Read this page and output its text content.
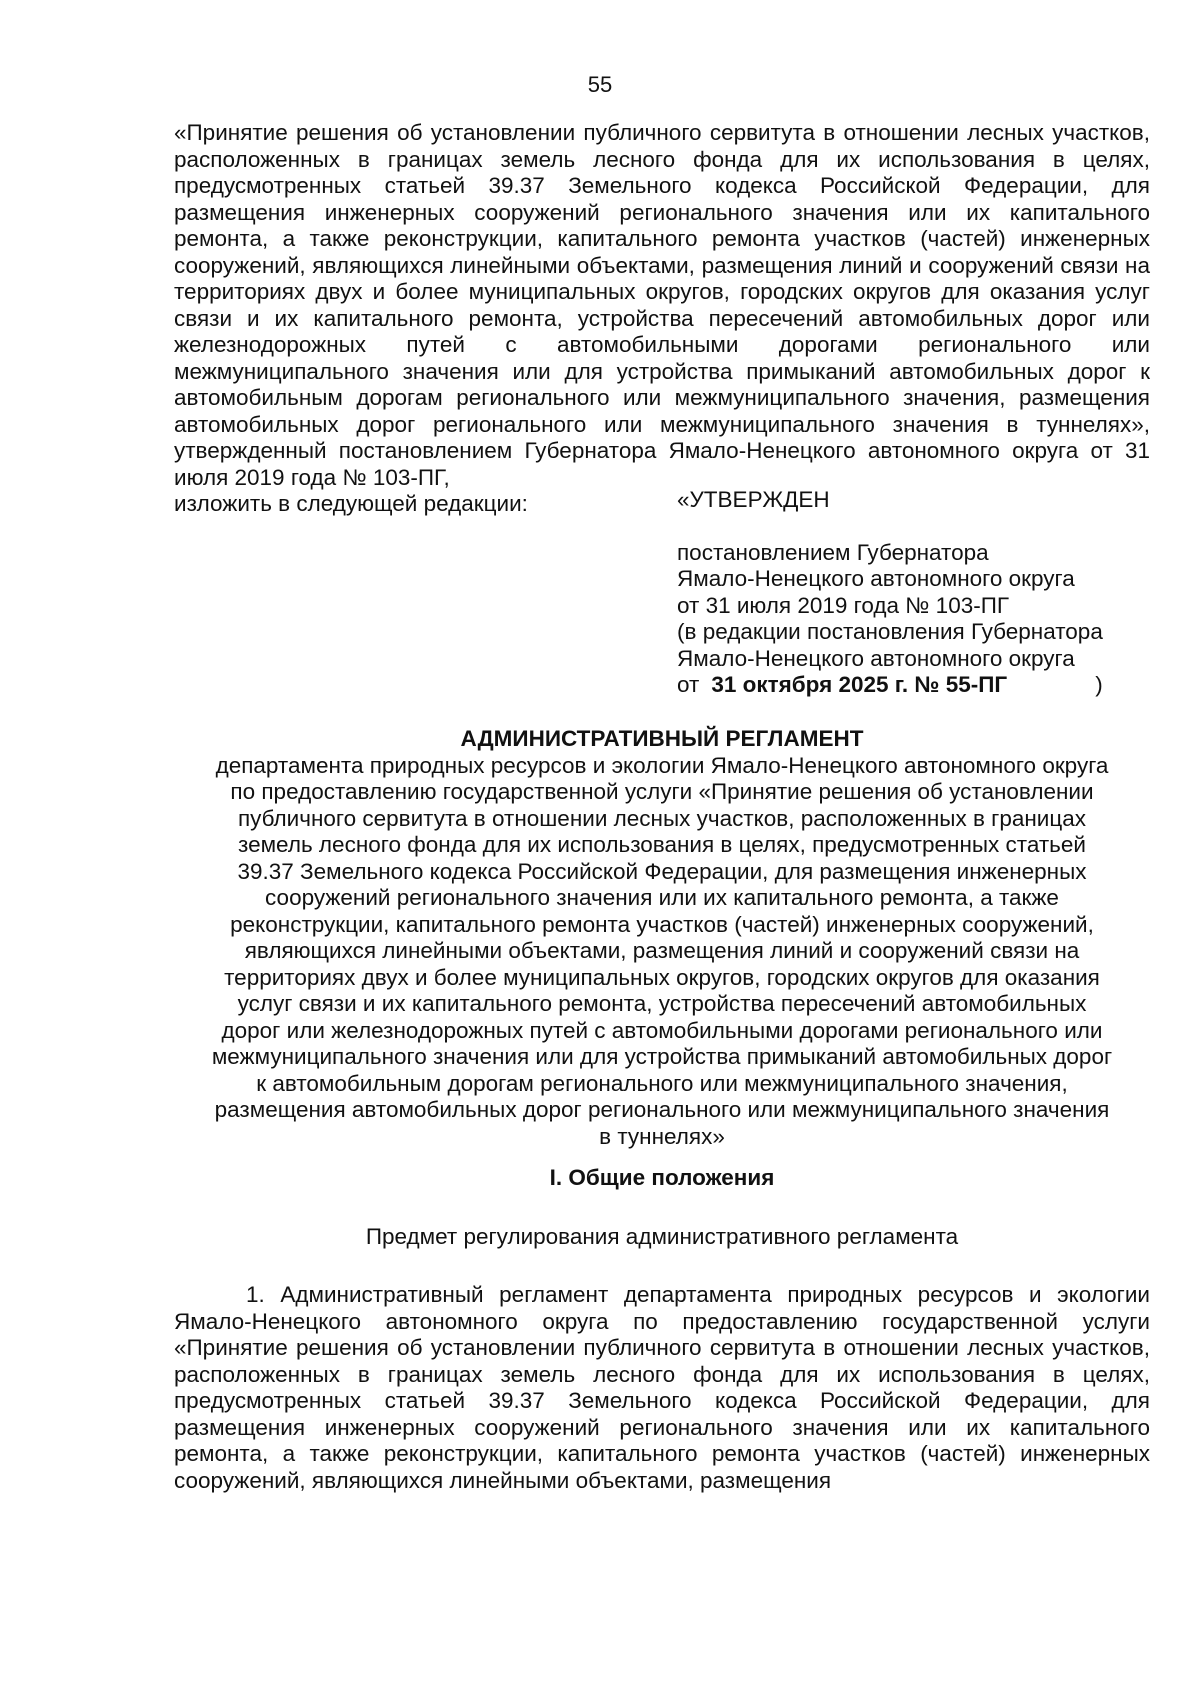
55
«Принятие решения об установлении публичного сервитута в отношении лесных участков, расположенных в границах земель лесного фонда для их использования в целях, предусмотренных статьей 39.37 Земельного кодекса Российской Федерации, для размещения инженерных сооружений регионального значения или их капитального ремонта, а также реконструкции, капитального ремонта участков (частей) инженерных сооружений, являющихся линейными объектами, размещения линий и сооружений связи на территориях двух и более муниципальных округов, городских округов для оказания услуг связи и их капитального ремонта, устройства пересечений автомобильных дорог или железнодорожных путей с автомобильными дорогами регионального или межмуниципального значения или для устройства примыканий автомобильных дорог к автомобильным дорогам регионального или межмуниципального значения, размещения автомобильных дорог регионального или межмуниципального значения в туннелях», утвержденный постановлением Губернатора Ямало-Ненецкого автономного округа от 31 июля 2019 года № 103-ПГ,
изложить в следующей редакции:	«УТВЕРЖДЕН
постановлением Губернатора
Ямало-Ненецкого автономного округа
от 31 июля 2019 года № 103-ПГ
(в редакции постановления Губернатора
Ямало-Ненецкого автономного округа
от 31 октября 2025 г. № 55-ПГ	)
АДМИНИСТРАТИВНЫЙ РЕГЛАМЕНТ
департамента природных ресурсов и экологии Ямало-Ненецкого автономного округа
по предоставлению государственной услуги «Принятие решения об установлении
публичного сервитута в отношении лесных участков, расположенных в границах
земель лесного фонда для их использования в целях, предусмотренных статьей
39.37 Земельного кодекса Российской Федерации, для размещения инженерных
сооружений регионального значения или их капитального ремонта, а также
реконструкции, капитального ремонта участков (частей) инженерных сооружений,
являющихся линейными объектами, размещения линий и сооружений связи на
территориях двух и более муниципальных округов, городских округов для оказания
услуг связи и их капитального ремонта, устройства пересечений автомобильных
дорог или железнодорожных путей с автомобильными дорогами регионального или
межмуниципального значения или для устройства примыканий автомобильных дорог
к автомобильным дорогам регионального или межмуниципального значения,
размещения автомобильных дорог регионального или межмуниципального значения
в туннелях»
I. Общие положения
Предмет регулирования административного регламента
1. Административный регламент департамента природных ресурсов и экологии Ямало-Ненецкого автономного округа по предоставлению государственной услуги «Принятие решения об установлении публичного сервитута в отношении лесных участков, расположенных в границах земель лесного фонда для их использования в целях, предусмотренных статьей 39.37 Земельного кодекса Российской Федерации, для размещения инженерных сооружений регионального значения или их капитального ремонта, а также реконструкции, капитального ремонта участков (частей) инженерных сооружений, являющихся линейными объектами, размещения
